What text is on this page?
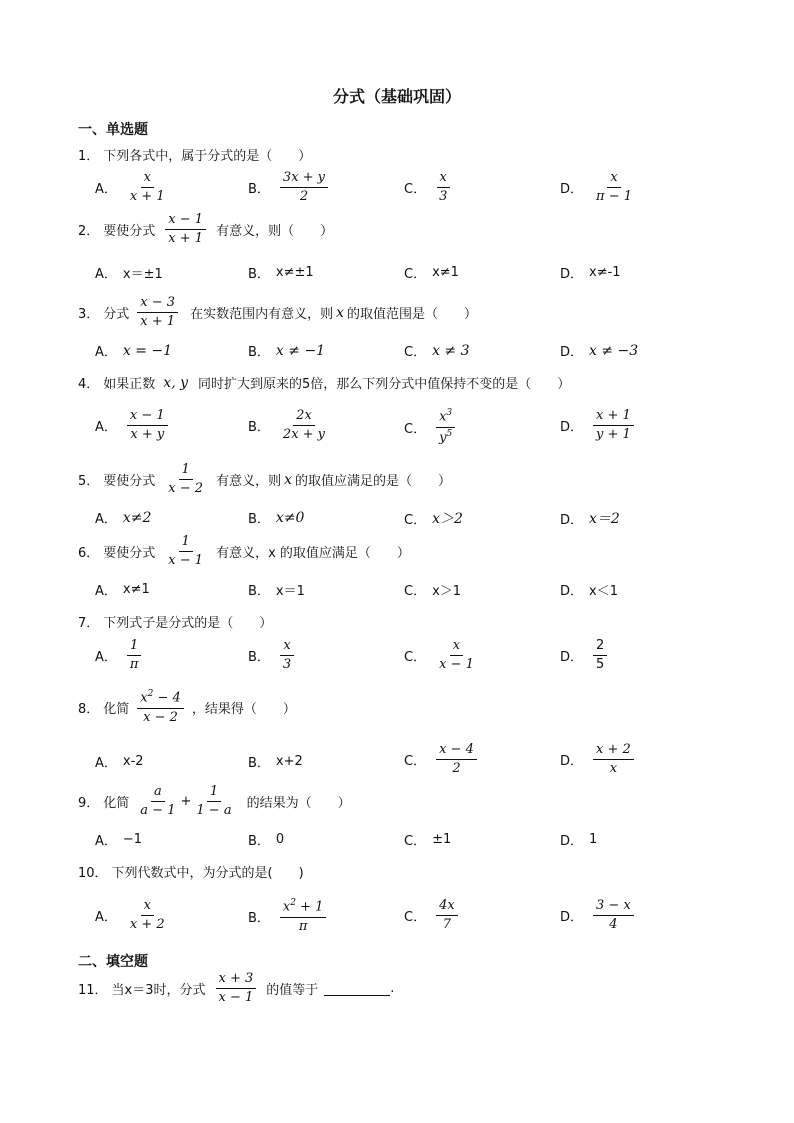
分式（基础巩固）
一、单选题
1． 下列各式中，属于分式的是（　　）
A． $\frac{x}{x + 1}$	B． $\frac{3x + y}{2}$	C． $\frac{x}{3}$	D． $\frac{x}{\pi - 1}$
2． 要使分式 $\frac{x - 1}{x + 1}$ 有意义，则（　　）
A． x＝±1	B． x≠±1	C． x≠1	D． x≠-1
3． 分式 $\frac{x - 3}{x + 1}$ 在实数范围内有意义，则 x 的取值范围是（　　）
A． x = −1	B． x ≠ −1	C． x ≠ 3	D． x ≠ −3
4． 如果正数 x, y 同时扩大到原来的5倍，那么下列分式中值保持不变的是（　　）
A． $\frac{x - 1}{x + y}$	B． $\frac{2x}{2x + y}$	C． $\frac{x^3}{y^5}$	D． $\frac{x + 1}{y + 1}$
5． 要使分式 $\frac{1}{x - 2}$ 有意义，则 x 的取值应满足的是（　　）
A． x≠2	B． x≠0	C． x＞2	D． x＝2
6． 要使分式 $\frac{1}{x - 1}$ 有意义，x 的取值应满足（　　）
A． x≠1	B． x＝1	C． x＞1	D． x＜1
7． 下列式子是分式的是（　　）
A． $\frac{1}{\pi}$	B． $\frac{x}{3}$	C． $\frac{x}{x - 1}$	D． $\frac{2}{5}$
8． 化简 $\frac{x^2 - 4}{x - 2}$ ，结果得（　　）
A． x-2	B． x+2	C． $\frac{x - 4}{2}$	D． $\frac{x + 2}{x}$
9． 化简 $\frac{a}{a - 1} + \frac{1}{1 - a}$ 的结果为（　　）
A． −1	B． 0	C． ±1	D． 1
10． 下列代数式中，为分式的是(　　)
A． $\frac{x}{x + 2}$	B． $\frac{x^2 + 1}{\pi}$	C． $\frac{4x}{7}$	D． $\frac{3 - x}{4}$
二、填空题
11． 当x＝3时，分式 $\frac{x + 3}{x - 1}$ 的值等于	.
